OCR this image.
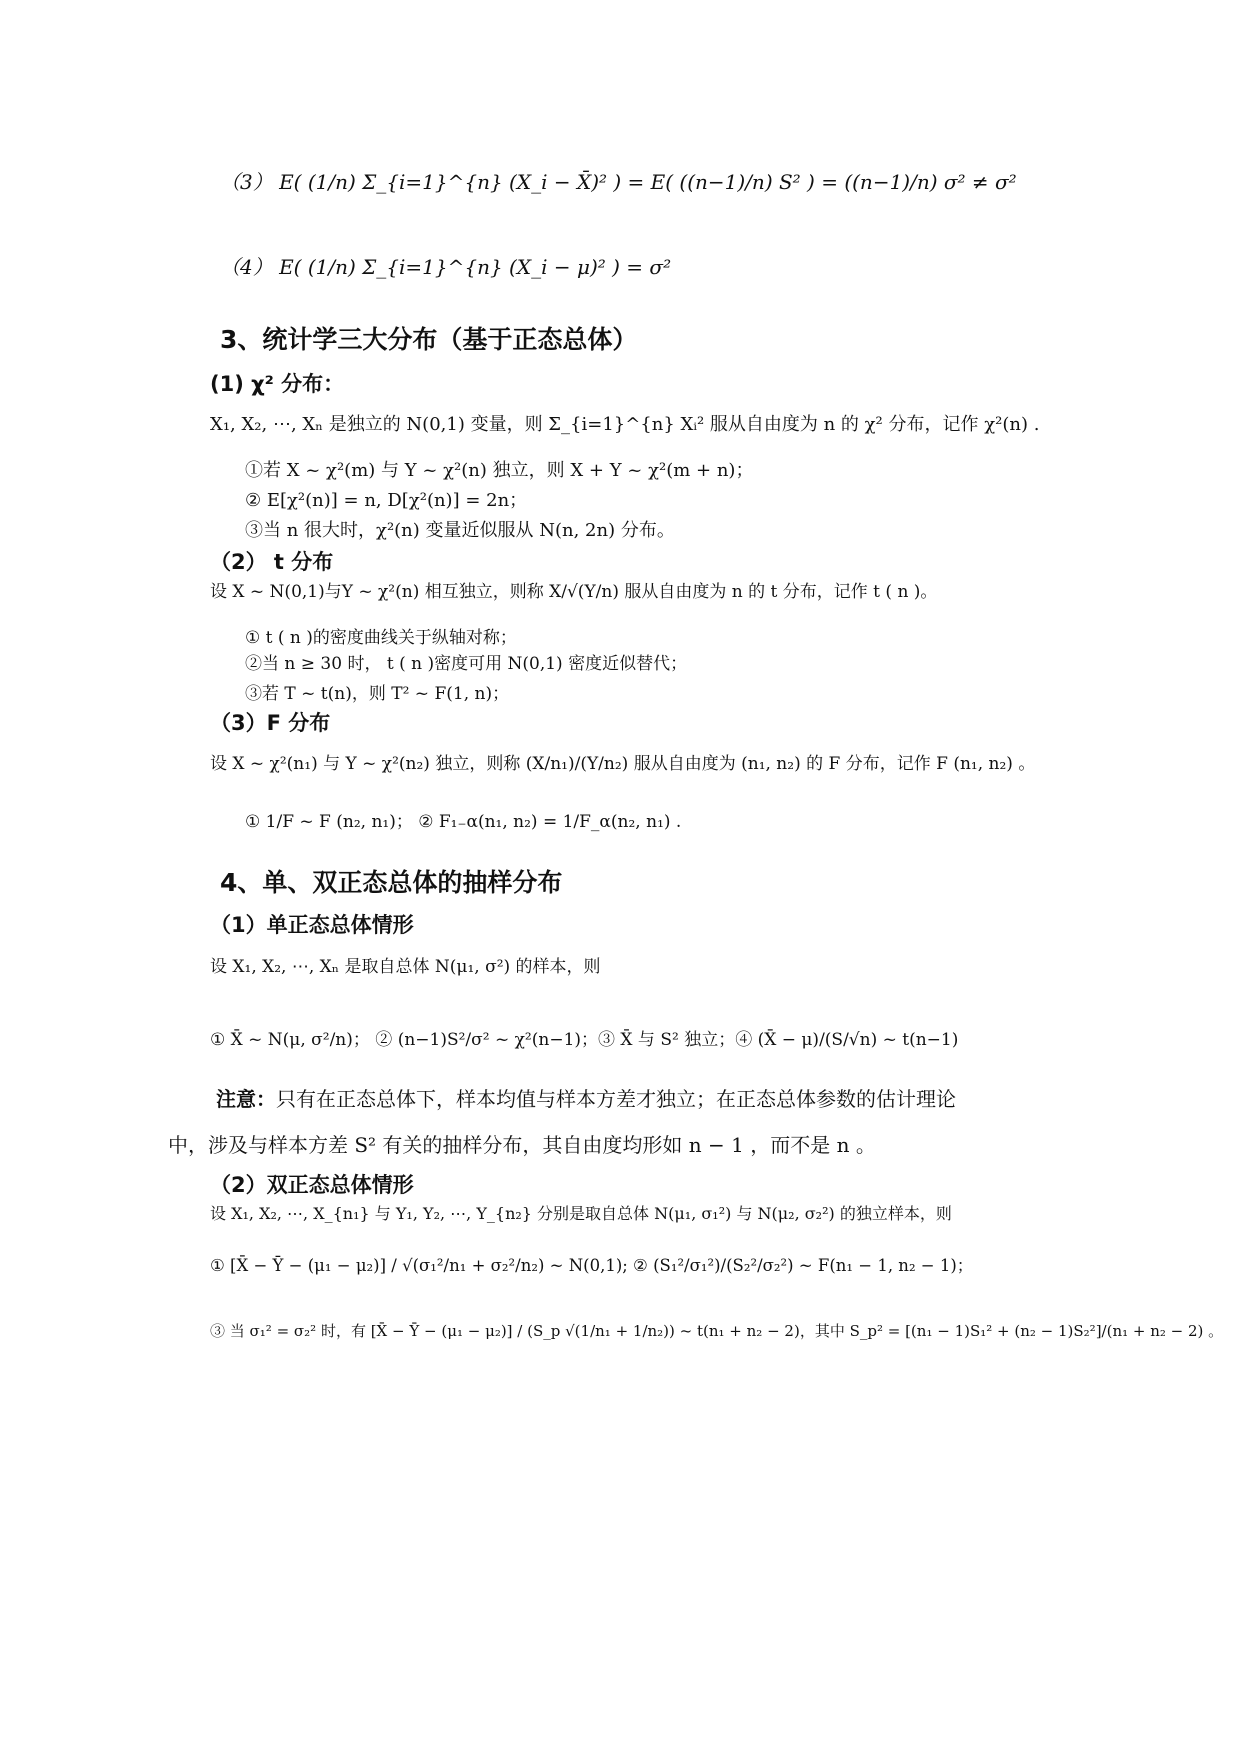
（3） E( (1/n) Σ_{i=1}^{n} (X_i − X̄)² ) = E( ((n−1)/n) S² ) = ((n−1)/n) σ² ≠ σ²
（4） E( (1/n) Σ_{i=1}^{n} (X_i − μ)² ) = σ²
3、统计学三大分布（基于正态总体）
(1) χ² 分布：
X₁, X₂, ⋯, Xₙ 是独立的 N(0,1) 变量，则 Σ_{i=1}^{n} Xᵢ² 服从自由度为 n 的 χ² 分布，记作 χ²(n) .
①若 X ~ χ²(m) 与 Y ~ χ²(n) 独立，则 X + Y ~ χ²(m + n)；
② E[χ²(n)] = n, D[χ²(n)] = 2n；
③当 n 很大时，χ²(n) 变量近似服从 N(n, 2n) 分布。
（2） t 分布
设 X ~ N(0,1)与Y ~ χ²(n) 相互独立，则称 X/√(Y/n) 服从自由度为 n 的 t 分布，记作 t ( n )。
① t ( n )的密度曲线关于纵轴对称；
②当 n ≥ 30 时， t ( n )密度可用 N(0,1) 密度近似替代；
③若 T ~ t(n)，则 T² ~ F(1, n)；
（3）F 分布
设 X ~ χ²(n₁) 与 Y ~ χ²(n₂) 独立，则称 (X/n₁)/(Y/n₂) 服从自由度为 (n₁, n₂) 的 F 分布，记作 F (n₁, n₂) 。
① 1/F ~ F (n₂, n₁)； ② F₁₋α(n₁, n₂) = 1/F_α(n₂, n₁) .
4、单、双正态总体的抽样分布
（1）单正态总体情形
设 X₁, X₂, ⋯, Xₙ 是取自总体 N(μ₁, σ²) 的样本，则
① X̄ ~ N(μ, σ²/n)； ② (n−1)S²/σ² ~ χ²(n−1)；③ X̄ 与 S² 独立；④ (X̄ − μ)/(S/√n) ~ t(n−1)
注意：只有在正态总体下，样本均值与样本方差才独立；在正态总体参数的估计理论
中，涉及与样本方差 S² 有关的抽样分布，其自由度均形如 n − 1 ，而不是 n 。
（2）双正态总体情形
设 X₁, X₂, ⋯, X_{n₁} 与 Y₁, Y₂, ⋯, Y_{n₂} 分别是取自总体 N(μ₁, σ₁²) 与 N(μ₂, σ₂²) 的独立样本，则
① [X̄ − Ȳ − (μ₁ − μ₂)] / √(σ₁²/n₁ + σ₂²/n₂) ~ N(0,1); ② (S₁²/σ₁²)/(S₂²/σ₂²) ~ F(n₁ − 1, n₂ − 1)；
③ 当 σ₁² = σ₂² 时，有 [X̄ − Ȳ − (μ₁ − μ₂)] / (S_p √(1/n₁ + 1/n₂)) ~ t(n₁ + n₂ − 2)，其中 S_p² = [(n₁ − 1)S₁² + (n₂ − 1)S₂²]/(n₁ + n₂ − 2) 。
